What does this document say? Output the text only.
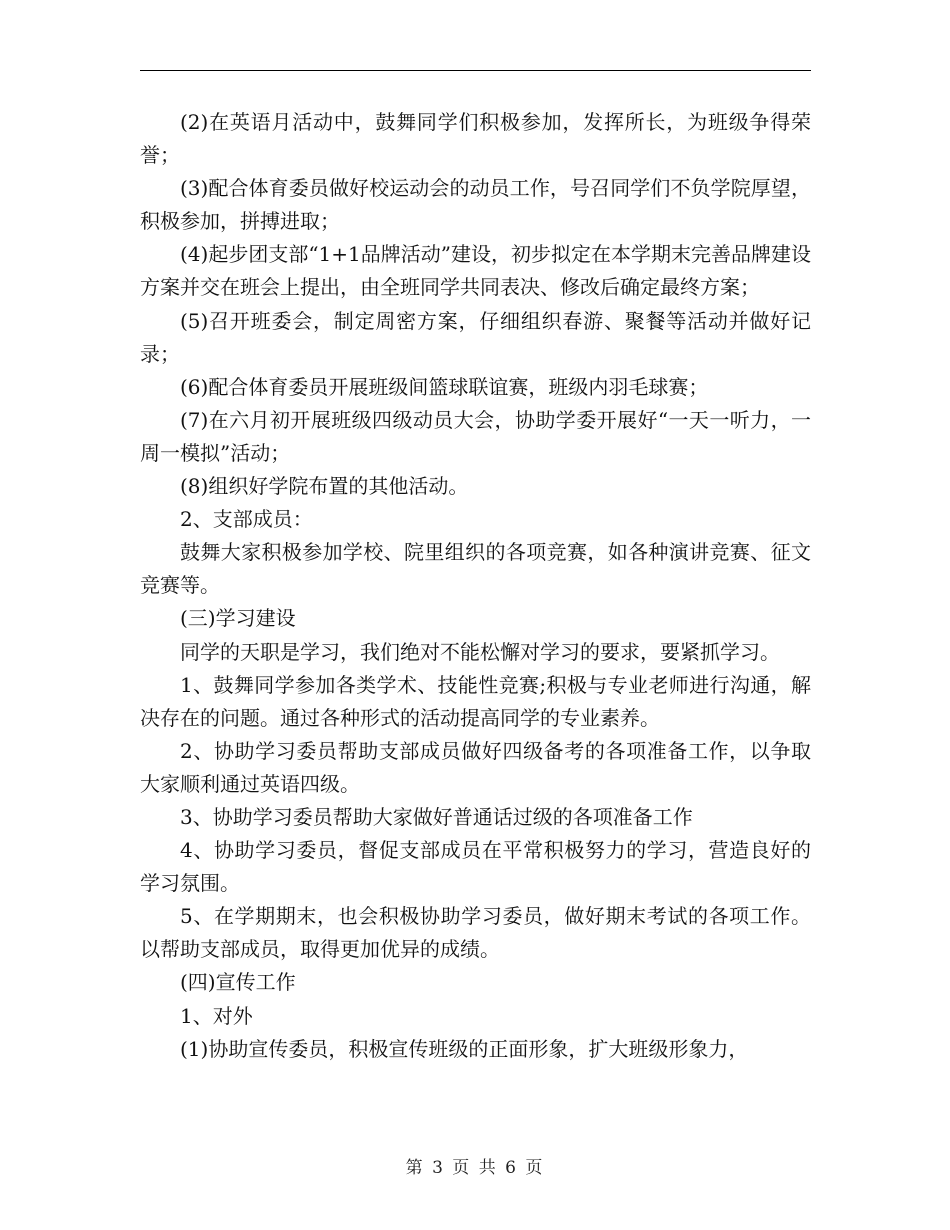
(2)在英语月活动中，鼓舞同学们积极参加，发挥所长，为班级争得荣誉；

(3)配合体育委员做好校运动会的动员工作，号召同学们不负学院厚望，积极参加，拼搏进取；

(4)起步团支部“1+1品牌活动”建设，初步拟定在本学期末完善品牌建设方案并交在班会上提出，由全班同学共同表决、修改后确定最终方案；

(5)召开班委会，制定周密方案，仔细组织春游、聚餐等活动并做好记录；

(6)配合体育委员开展班级间篮球联谊赛，班级内羽毛球赛；

(7)在六月初开展班级四级动员大会，协助学委开展好“一天一听力，一周一模拟”活动；

(8)组织好学院布置的其他活动。

2、支部成员：

鼓舞大家积极参加学校、院里组织的各项竞赛，如各种演讲竞赛、征文竞赛等。

(三)学习建设

同学的天职是学习，我们绝对不能松懈对学习的要求，要紧抓学习。

1、鼓舞同学参加各类学术、技能性竞赛;积极与专业老师进行沟通，解决存在的问题。通过各种形式的活动提高同学的专业素养。

2、协助学习委员帮助支部成员做好四级备考的各项准备工作，以争取大家顺利通过英语四级。

3、协助学习委员帮助大家做好普通话过级的各项准备工作

4、协助学习委员，督促支部成员在平常积极努力的学习，营造良好的学习氛围。

5、在学期期末，也会积极协助学习委员，做好期末考试的各项工作。以帮助支部成员，取得更加优异的成绩。

(四)宣传工作

1、对外

(1)协助宣传委员，积极宣传班级的正面形象，扩大班级形象力，

第 3 页 共 6 页
